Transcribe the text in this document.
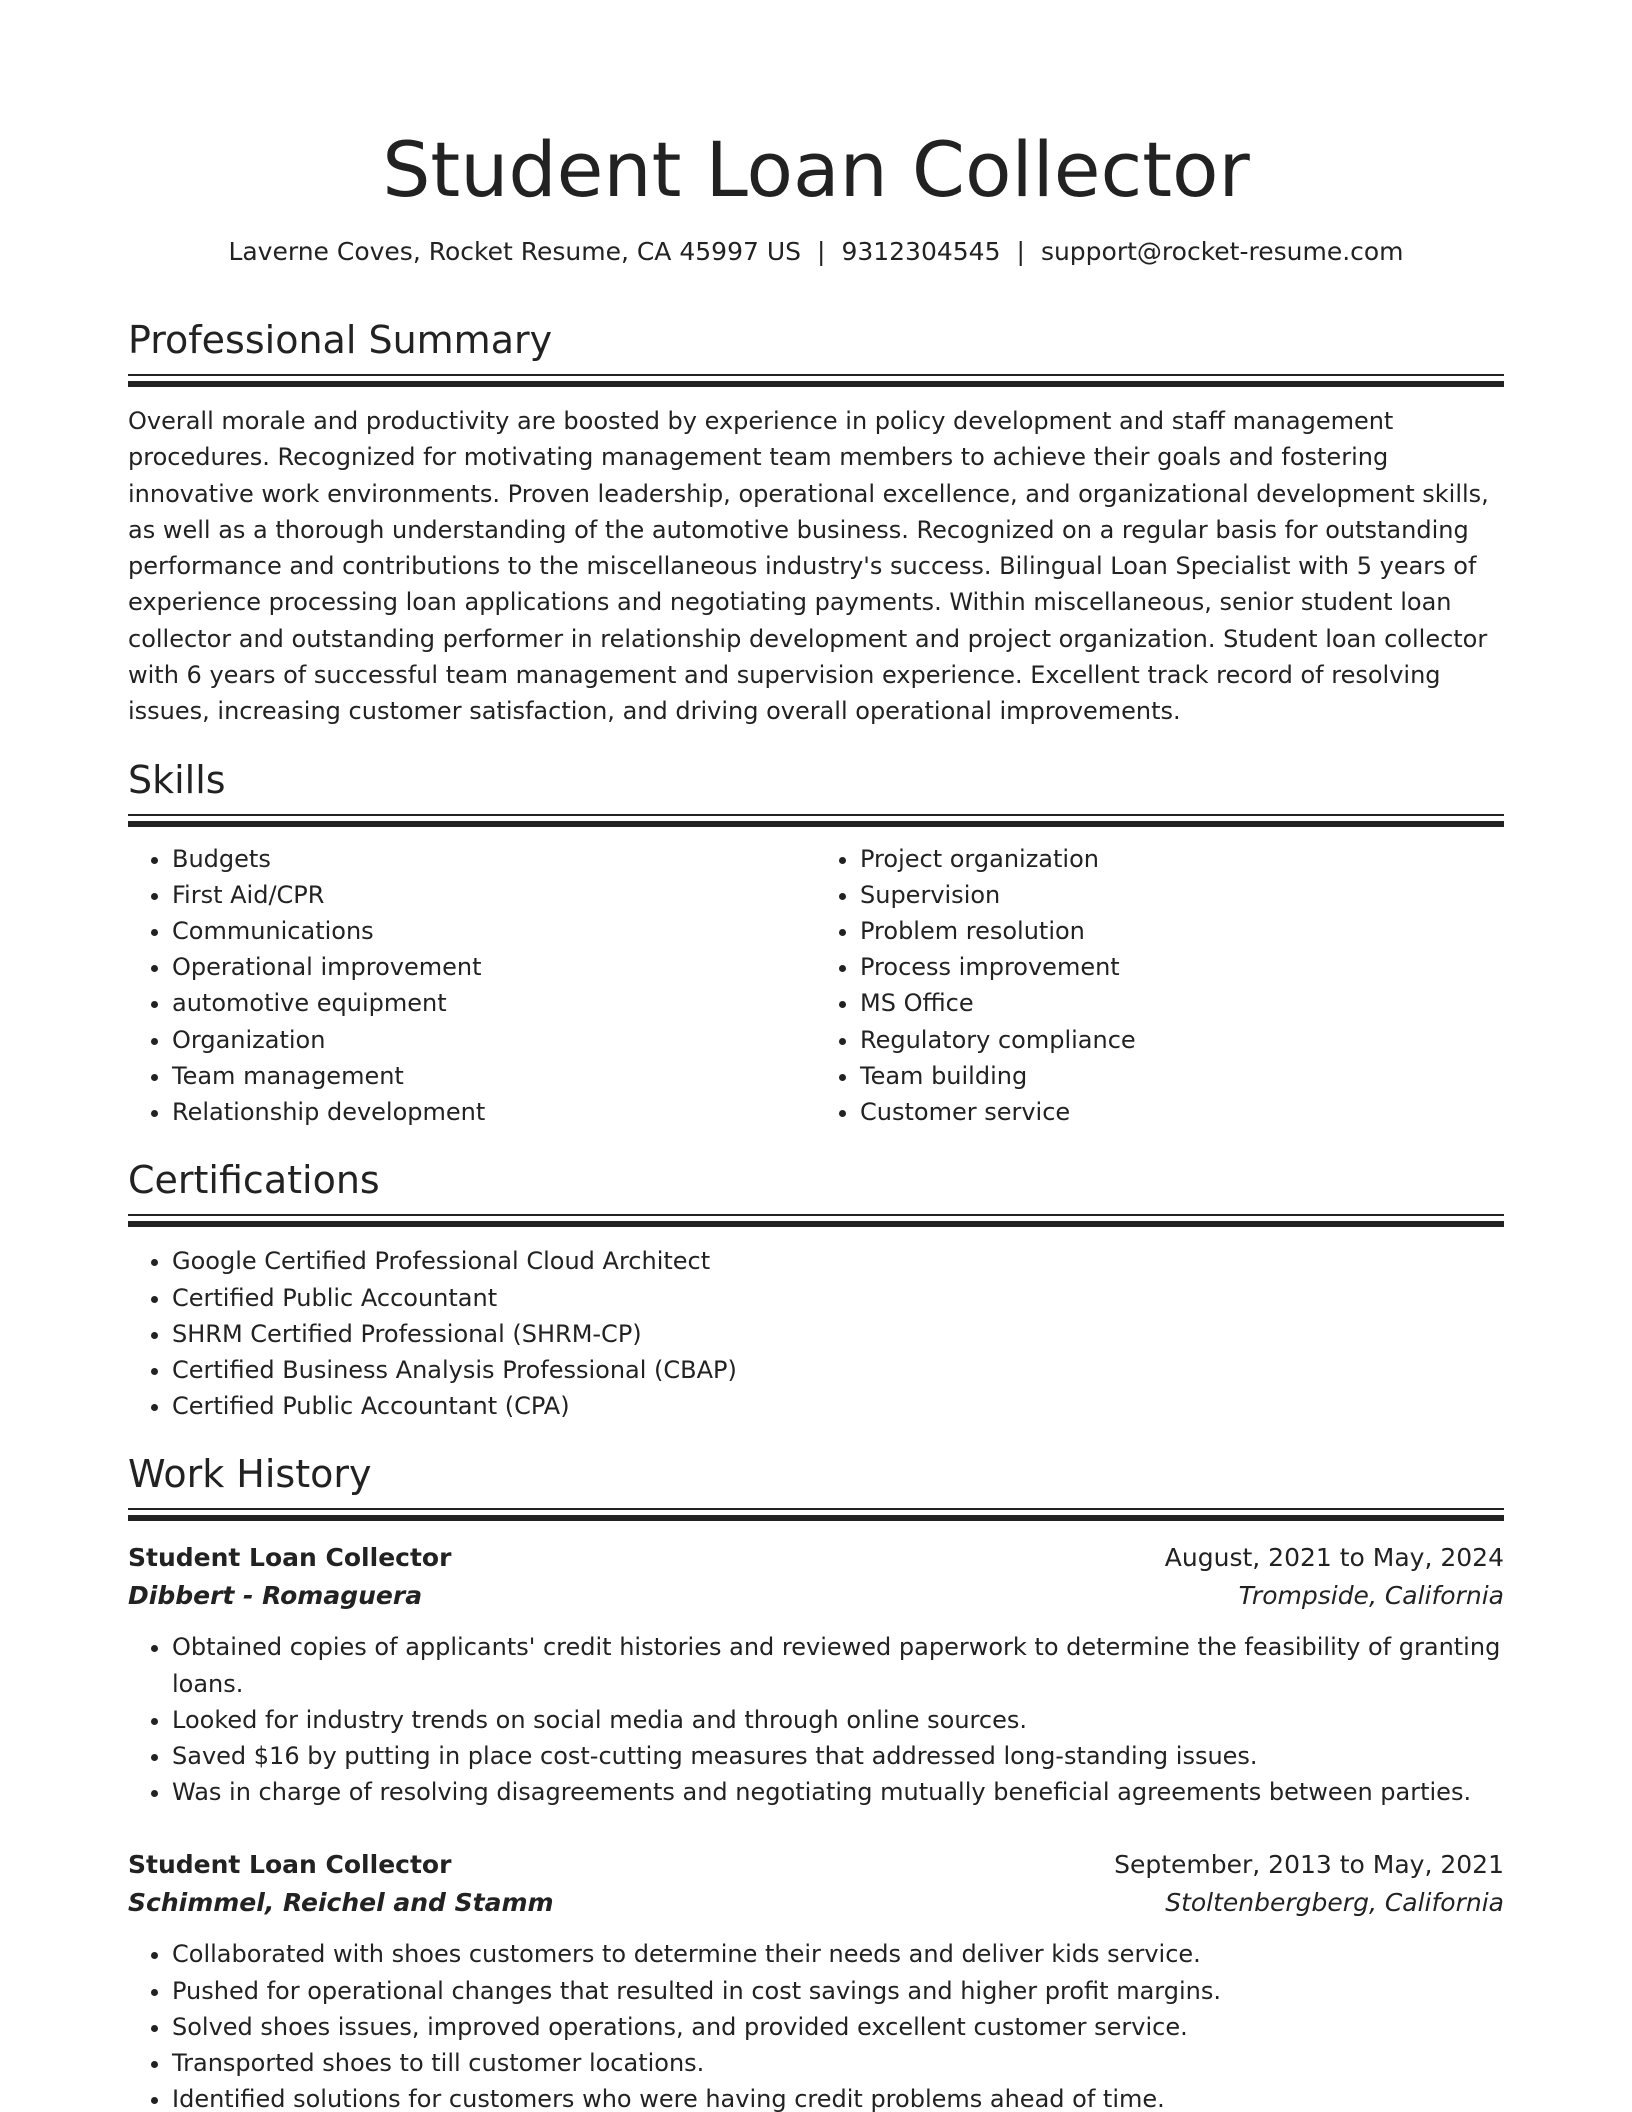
Student Loan Collector
Laverne Coves, Rocket Resume, CA 45997 US | 9312304545 | support@rocket-resume.com
Professional Summary
Overall morale and productivity are boosted by experience in policy development and staff management procedures. Recognized for motivating management team members to achieve their goals and fostering innovative work environments. Proven leadership, operational excellence, and organizational development skills, as well as a thorough understanding of the automotive business. Recognized on a regular basis for outstanding performance and contributions to the miscellaneous industry's success. Bilingual Loan Specialist with 5 years of experience processing loan applications and negotiating payments. Within miscellaneous, senior student loan collector and outstanding performer in relationship development and project organization. Student loan collector with 6 years of successful team management and supervision experience. Excellent track record of resolving issues, increasing customer satisfaction, and driving overall operational improvements.
Skills
• Budgets
• First Aid/CPR
• Communications
• Operational improvement
• automotive equipment
• Organization
• Team management
• Relationship development
• Project organization
• Supervision
• Problem resolution
• Process improvement
• MS Office
• Regulatory compliance
• Team building
• Customer service
Certifications
• Google Certified Professional Cloud Architect
• Certified Public Accountant
• SHRM Certified Professional (SHRM-CP)
• Certified Business Analysis Professional (CBAP)
• Certified Public Accountant (CPA)
Work History
Student Loan Collector	August, 2021 to May, 2024
Dibbert - Romaguera	Trompside, California
• Obtained copies of applicants' credit histories and reviewed paperwork to determine the feasibility of granting loans.
• Looked for industry trends on social media and through online sources.
• Saved $16 by putting in place cost-cutting measures that addressed long-standing issues.
• Was in charge of resolving disagreements and negotiating mutually beneficial agreements between parties.
Student Loan Collector	September, 2013 to May, 2021
Schimmel, Reichel and Stamm	Stoltenbergberg, California
• Collaborated with shoes customers to determine their needs and deliver kids service.
• Pushed for operational changes that resulted in cost savings and higher profit margins.
• Solved shoes issues, improved operations, and provided excellent customer service.
• Transported shoes to till customer locations.
• Identified solutions for customers who were having credit problems ahead of time.
